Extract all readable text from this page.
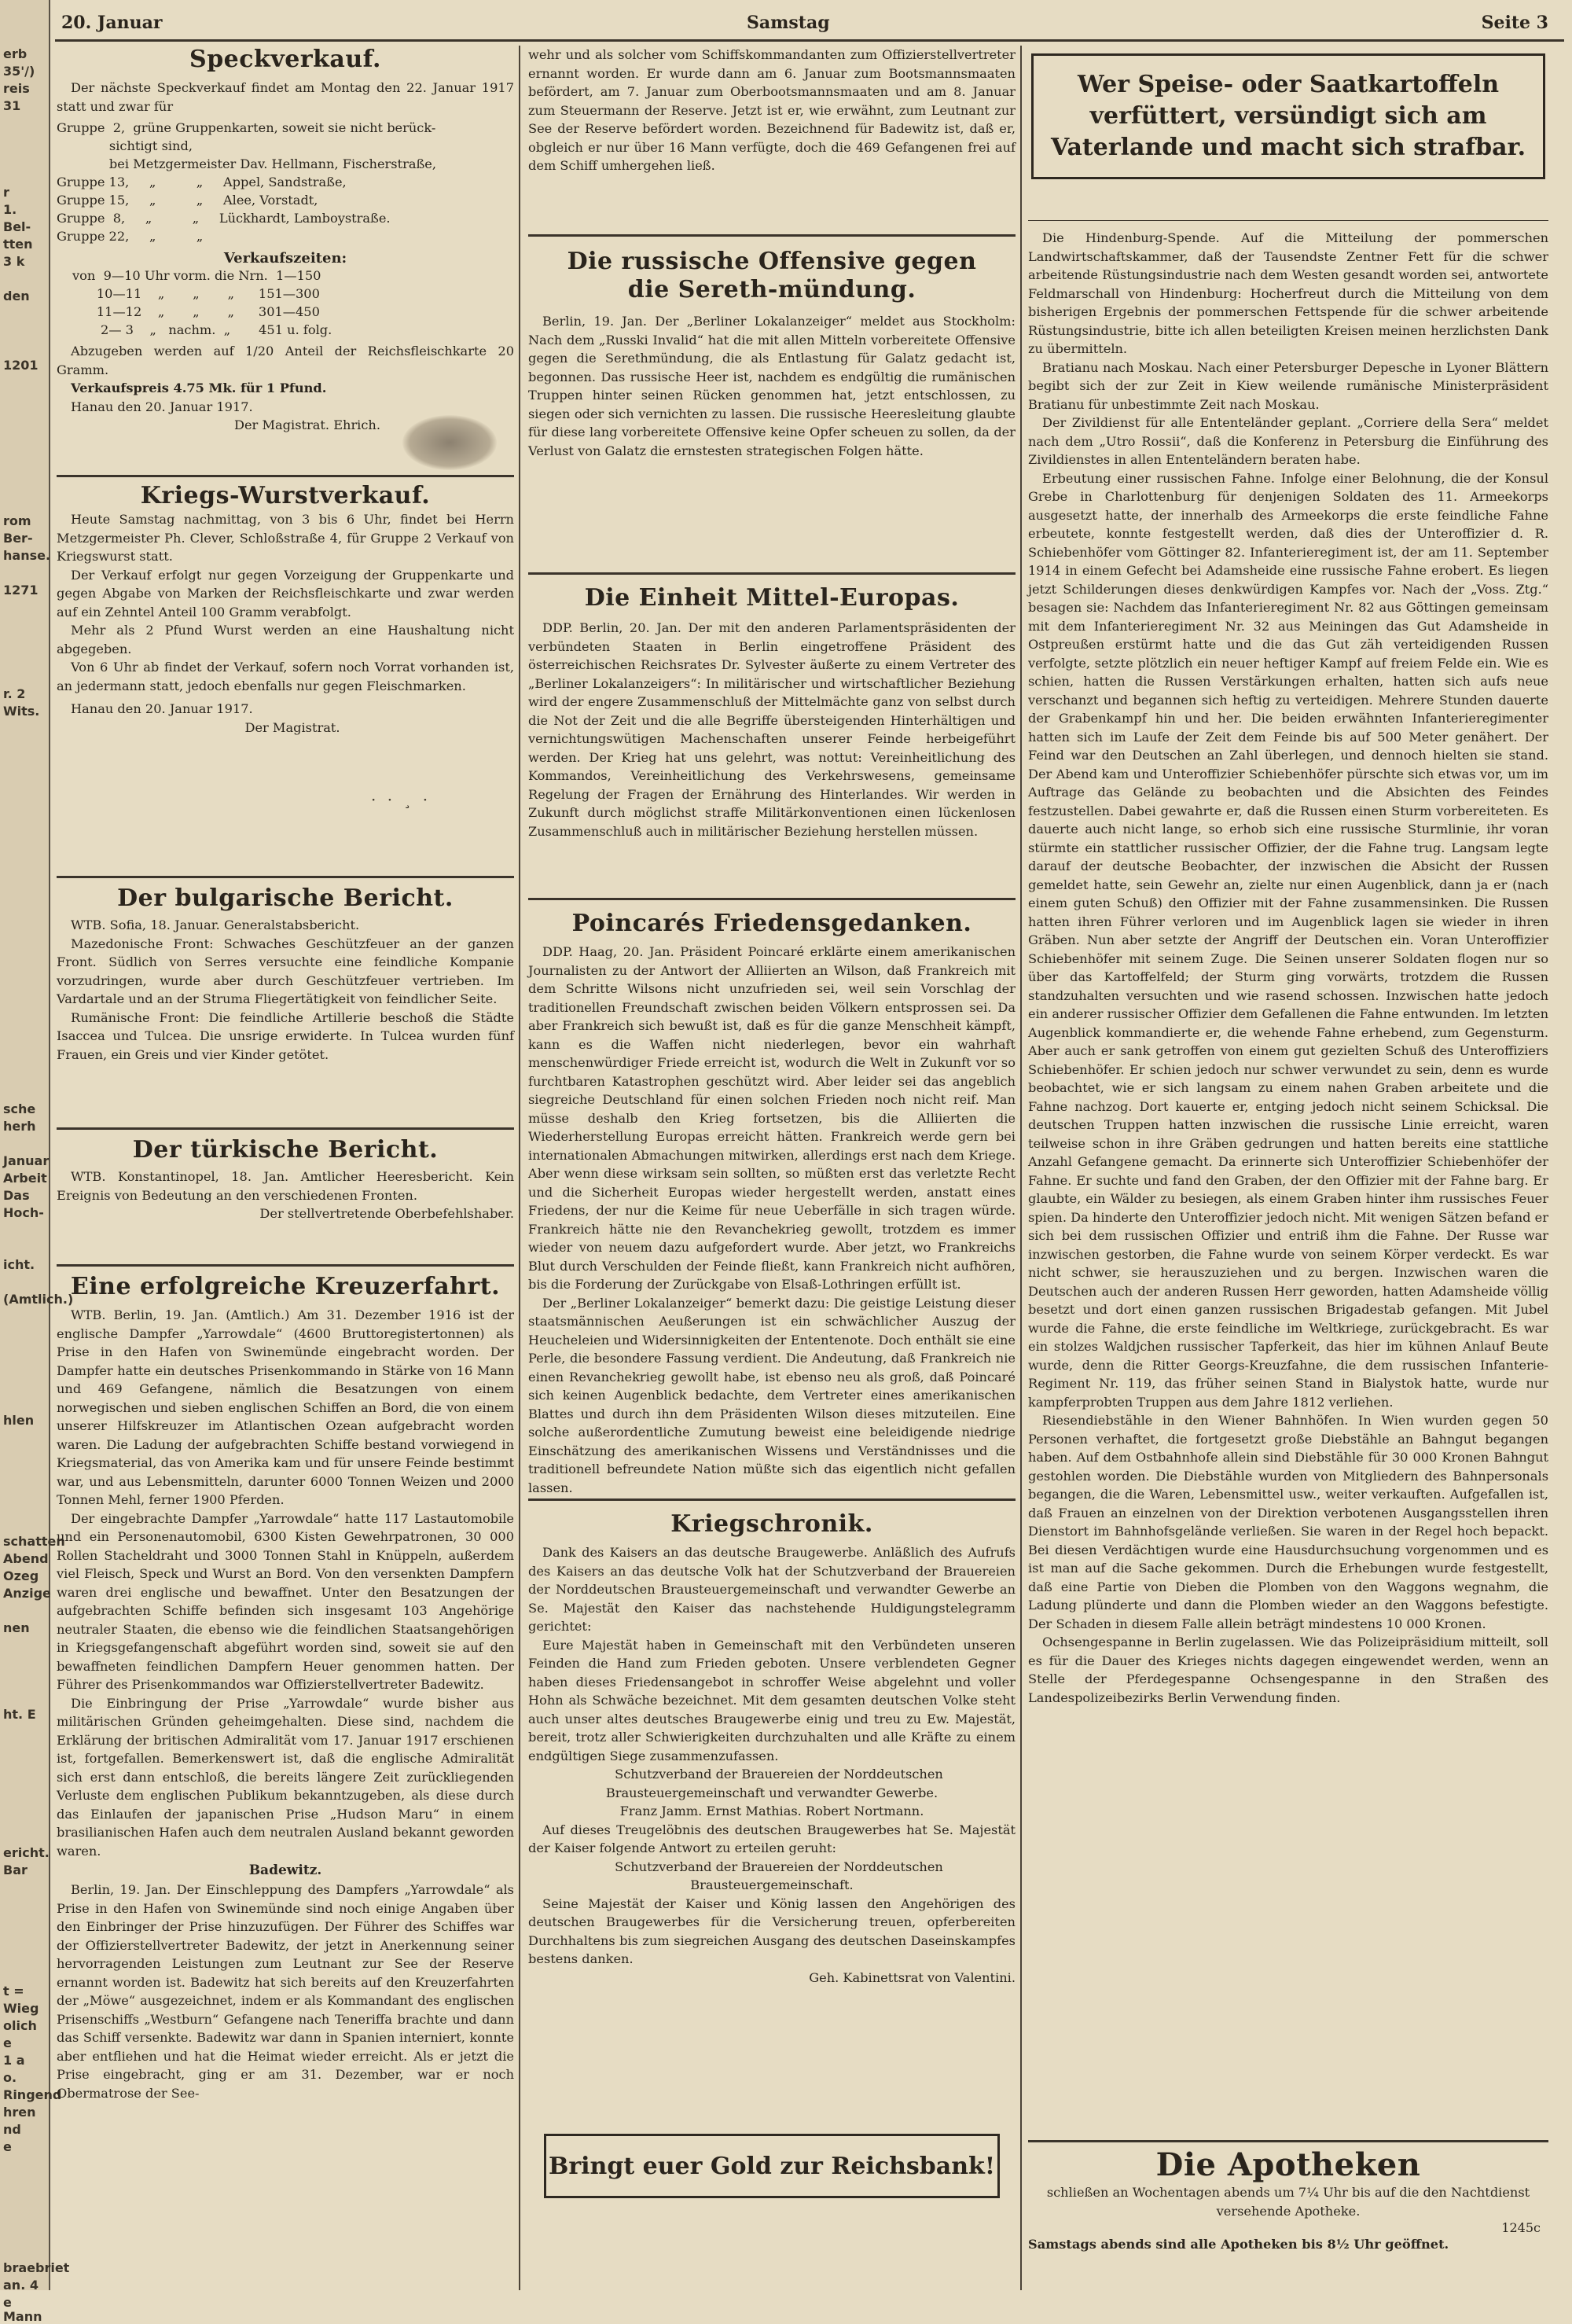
erb
35'/)
reis
31
r
1.
Bel-
tten
3 k
den
1201
rom
Ber-
hanse.
1271
r. 2
Wits.
sche
herh
Januar
Arbeit
Das
Hoch-
icht.
(Amtlich.)
hlen
schatten
Abend
Ozeg
Anzige
nen
ht. E
ericht.
Bar
t =
Wieg
olich
e
1 a
o.
Ringend
hren
nd
e
braebriet
an. 4
e Mann
20. Januar	Samstag	Seite 3
Speckverkauf.

Der nächste Speckverkauf findet am Montag den 22. Januar 1917 statt und zwar für

Gruppe  2,  grüne Gruppenkarten, soweit sie nicht berück-
sichtigt sind,
bei Metzgermeister Dav. Hellmann, Fischerstraße,
Gruppe 13,     „          „     Appel, Sandstraße,
Gruppe 15,     „          „     Alee, Vorstadt,
Gruppe  8,     „          „     Lückhardt, Lamboystraße.
Gruppe 22,     „          „
Verkaufszeiten:
von  9—10 Uhr vorm. die Nrn.  1—150
10—11    „       „       „      151—300
11—12    „       „       „      301—450
2— 3    „   nachm.  „       451 u. folg.

Abzugeben werden auf 1/20 Anteil der Reichsfleischkarte 20 Gramm.

Verkaufspreis 4.75 Mk. für 1 Pfund.

Hanau den 20. Januar 1917.

Der Magistrat. Ehrich.

Kriegs-Wurstverkauf.

Heute Samstag nachmittag, von 3 bis 6 Uhr, findet bei Herrn Metzgermeister Ph. Clever, Schloßstraße 4, für Gruppe 2 Verkauf von Kriegswurst statt.

Der Verkauf erfolgt nur gegen Vorzeigung der Gruppenkarte und gegen Abgabe von Marken der Reichsfleischkarte und zwar werden auf ein Zehntel Anteil 100 Gramm verabfolgt.

Mehr als 2 Pfund Wurst werden an eine Haushaltung nicht abgegeben.

Von 6 Uhr ab findet der Verkauf, sofern noch Vorrat vorhanden ist, an jedermann statt, jedoch ebenfalls nur gegen Fleischmarken.

Hanau den 20. Januar 1917.

Der Magistrat.

· · ¸ ·
Der bulgarische Bericht.

WTB. Sofia, 18. Januar. Generalstabsbericht.

Mazedonische Front: Schwaches Geschützfeuer an der ganzen Front. Südlich von Serres versuchte eine feindliche Kompanie vorzudringen, wurde aber durch Geschützfeuer vertrieben. Im Vardartale und an der Struma Fliegertätigkeit von feindlicher Seite.

Rumänische Front: Die feindliche Artillerie beschoß die Städte Isaccea und Tulcea. Die unsrige erwiderte. In Tulcea wurden fünf Frauen, ein Greis und vier Kinder getötet.

Der türkische Bericht.

WTB. Konstantinopel, 18. Jan. Amtlicher Heeresbericht. Kein Ereignis von Bedeutung an den verschiedenen Fronten.

Der stellvertretende Oberbefehlshaber.

Eine erfolgreiche Kreuzerfahrt.

WTB. Berlin, 19. Jan. (Amtlich.) Am 31. Dezember 1916 ist der englische Dampfer „Yarrowdale“ (4600 Bruttoregistertonnen) als Prise in den Hafen von Swinemünde eingebracht worden. Der Dampfer hatte ein deutsches Prisenkommando in Stärke von 16 Mann und 469 Gefangene, nämlich die Besatzungen von einem norwegischen und sieben englischen Schiffen an Bord, die von einem unserer Hilfskreuzer im Atlantischen Ozean aufgebracht worden waren. Die Ladung der aufgebrachten Schiffe bestand vorwiegend in Kriegsmaterial, das von Amerika kam und für unsere Feinde bestimmt war, und aus Lebensmitteln, darunter 6000 Tonnen Weizen und 2000 Tonnen Mehl, ferner 1900 Pferden.

Der eingebrachte Dampfer „Yarrowdale“ hatte 117 Lastautomobile und ein Personenautomobil, 6300 Kisten Gewehrpatronen, 30 000 Rollen Stacheldraht und 3000 Tonnen Stahl in Knüppeln, außerdem viel Fleisch, Speck und Wurst an Bord. Von den versenkten Dampfern waren drei englische und bewaffnet. Unter den Besatzungen der aufgebrachten Schiffe befinden sich insgesamt 103 Angehörige neutraler Staaten, die ebenso wie die feindlichen Staatsangehörigen in Kriegsgefangenschaft abgeführt worden sind, soweit sie auf den bewaffneten feindlichen Dampfern Heuer genommen hatten. Der Führer des Prisenkommandos war Offizierstellvertreter Badewitz.

Die Einbringung der Prise „Yarrowdale“ wurde bisher aus militärischen Gründen geheimgehalten. Diese sind, nachdem die Erklärung der britischen Admiralität vom 17. Januar 1917 erschienen ist, fortgefallen. Bemerkenswert ist, daß die englische Admiralität sich erst dann entschloß, die bereits längere Zeit zurückliegenden Verluste dem englischen Publikum bekanntzugeben, als diese durch das Einlaufen der japanischen Prise „Hudson Maru“ in einem brasilianischen Hafen auch dem neutralen Ausland bekannt geworden waren.

Badewitz.

Berlin, 19. Jan. Der Einschleppung des Dampfers „Yarrowdale“ als Prise in den Hafen von Swinemünde sind noch einige Angaben über den Einbringer der Prise hinzuzufügen. Der Führer des Schiffes war der Offizierstellvertreter Badewitz, der jetzt in Anerkennung seiner hervorragenden Leistungen zum Leutnant zur See der Reserve ernannt worden ist. Badewitz hat sich bereits auf den Kreuzerfahrten der „Möwe“ ausgezeichnet, indem er als Kommandant des englischen Prisenschiffs „Westburn“ Gefangene nach Teneriffa brachte und dann das Schiff versenkte. Badewitz war dann in Spanien interniert, konnte aber entfliehen und hat die Heimat wieder erreicht. Als er jetzt die Prise eingebracht, ging er am 31. Dezember, war er noch Obermatrose der See-

wehr und als solcher vom Schiffskommandanten zum Offizierstellvertreter ernannt worden. Er wurde dann am 6. Januar zum Bootsmannsmaaten befördert, am 7. Januar zum Oberbootsmannsmaaten und am 8. Januar zum Steuermann der Reserve. Jetzt ist er, wie erwähnt, zum Leutnant zur See der Reserve befördert worden. Bezeichnend für Badewitz ist, daß er, obgleich er nur über 16 Mann verfügte, doch die 469 Gefangenen frei auf dem Schiff umhergehen ließ.

Die russische Offensive gegen die Sereth-mündung.

Berlin, 19. Jan. Der „Berliner Lokalanzeiger“ meldet aus Stockholm: Nach dem „Russki Invalid“ hat die mit allen Mitteln vorbereitete Offensive gegen die Serethmündung, die als Entlastung für Galatz gedacht ist, begonnen. Das russische Heer ist, nachdem es endgültig die rumänischen Truppen hinter seinen Rücken genommen hat, jetzt entschlossen, zu siegen oder sich vernichten zu lassen. Die russische Heeresleitung glaubte für diese lang vorbereitete Offensive keine Opfer scheuen zu sollen, da der Verlust von Galatz die ernstesten strategischen Folgen hätte.

Die Einheit Mittel-Europas.

DDP. Berlin, 20. Jan. Der mit den anderen Parlamentspräsidenten der verbündeten Staaten in Berlin eingetroffene Präsident des österreichischen Reichsrates Dr. Sylvester äußerte zu einem Vertreter des „Berliner Lokalanzeigers“: In militärischer und wirtschaftlicher Beziehung wird der engere Zusammenschluß der Mittelmächte ganz von selbst durch die Not der Zeit und die alle Begriffe übersteigenden Hinterhältigen und vernichtungswütigen Machenschaften unserer Feinde herbeigeführt werden. Der Krieg hat uns gelehrt, was nottut: Vereinheitlichung des Kommandos, Vereinheitlichung des Verkehrswesens, gemeinsame Regelung der Fragen der Ernährung des Hinterlandes. Wir werden in Zukunft durch möglichst straffe Militärkonventionen einen lückenlosen Zusammenschluß auch in militärischer Beziehung herstellen müssen.

Poincarés Friedensgedanken.

DDP. Haag, 20. Jan. Präsident Poincaré erklärte einem amerikanischen Journalisten zu der Antwort der Alliierten an Wilson, daß Frankreich mit dem Schritte Wilsons nicht unzufrieden sei, weil sein Vorschlag der traditionellen Freundschaft zwischen beiden Völkern entsprossen sei. Da aber Frankreich sich bewußt ist, daß es für die ganze Menschheit kämpft, kann es die Waffen nicht niederlegen, bevor ein wahrhaft menschenwürdiger Friede erreicht ist, wodurch die Welt in Zukunft vor so furchtbaren Katastrophen geschützt wird. Aber leider sei das angeblich siegreiche Deutschland für einen solchen Frieden noch nicht reif. Man müsse deshalb den Krieg fortsetzen, bis die Alliierten die Wiederherstellung Europas erreicht hätten. Frankreich werde gern bei internationalen Abmachungen mitwirken, allerdings erst nach dem Kriege. Aber wenn diese wirksam sein sollten, so müßten erst das verletzte Recht und die Sicherheit Europas wieder hergestellt werden, anstatt eines Friedens, der nur die Keime für neue Ueberfälle in sich tragen würde. Frankreich hätte nie den Revanchekrieg gewollt, trotzdem es immer wieder von neuem dazu aufgefordert wurde. Aber jetzt, wo Frankreichs Blut durch Verschulden der Feinde fließt, kann Frankreich nicht aufhören, bis die Forderung der Zurückgabe von Elsaß-Lothringen erfüllt ist.

Der „Berliner Lokalanzeiger“ bemerkt dazu: Die geistige Leistung dieser staatsmännischen Aeußerungen ist ein schwächlicher Auszug der Heucheleien und Widersinnigkeiten der Ententenote. Doch enthält sie eine Perle, die besondere Fassung verdient. Die Andeutung, daß Frankreich nie einen Revanchekrieg gewollt habe, ist ebenso neu als groß, daß Poincaré sich keinen Augenblick bedachte, dem Vertreter eines amerikanischen Blattes und durch ihn dem Präsidenten Wilson dieses mitzuteilen. Eine solche außerordentliche Zumutung beweist eine beleidigende niedrige Einschätzung des amerikanischen Wissens und Verständnisses und die traditionell befreundete Nation müßte sich das eigentlich nicht gefallen lassen.

Kriegschronik.

Dank des Kaisers an das deutsche Braugewerbe. Anläßlich des Aufrufs des Kaisers an das deutsche Volk hat der Schutzverband der Brauereien der Norddeutschen Brausteuergemeinschaft und verwandter Gewerbe an Se. Majestät den Kaiser das nachstehende Huldigungstelegramm gerichtet:

Eure Majestät haben in Gemeinschaft mit den Verbündeten unseren Feinden die Hand zum Frieden geboten. Unsere verblendeten Gegner haben dieses Friedensangebot in schroffer Weise abgelehnt und voller Hohn als Schwäche bezeichnet. Mit dem gesamten deutschen Volke steht auch unser altes deutsches Braugewerbe einig und treu zu Ew. Majestät, bereit, trotz aller Schwierigkeiten durchzuhalten und alle Kräfte zu einem endgültigen Siege zusammenzufassen.

Schutzverband der Brauereien der Norddeutschen Brausteuergemeinschaft und verwandter Gewerbe.

Franz Jamm. Ernst Mathias. Robert Nortmann.

Auf dieses Treugelöbnis des deutschen Braugewerbes hat Se. Majestät der Kaiser folgende Antwort zu erteilen geruht:

Schutzverband der Brauereien der Norddeutschen Brausteuergemeinschaft.

Seine Majestät der Kaiser und König lassen den Angehörigen des deutschen Braugewerbes für die Versicherung treuen, opferbereiten Durchhaltens bis zum siegreichen Ausgang des deutschen Daseinskampfes bestens danken.

Geh. Kabinettsrat von Valentini.

Bringt euer Gold zur Reichsbank!
Wer Speise- oder Saatkartoffeln verfüttert, versündigt sich am Vaterlande und macht sich strafbar.

Die Hindenburg-Spende. Auf die Mitteilung der pommerschen Landwirtschaftskammer, daß der Tausendste Zentner Fett für die schwer arbeitende Rüstungsindustrie nach dem Westen gesandt worden sei, antwortete Feldmarschall von Hindenburg: Hocherfreut durch die Mitteilung von dem bisherigen Ergebnis der pommerschen Fettspende für die schwer arbeitende Rüstungsindustrie, bitte ich allen beteiligten Kreisen meinen herzlichsten Dank zu übermitteln.

Bratianu nach Moskau. Nach einer Petersburger Depesche in Lyoner Blättern begibt sich der zur Zeit in Kiew weilende rumänische Ministerpräsident Bratianu für unbestimmte Zeit nach Moskau.

Der Zivildienst für alle Ententeländer geplant. „Corriere della Sera“ meldet nach dem „Utro Rossii“, daß die Konferenz in Petersburg die Einführung des Zivildienstes in allen Ententeländern beraten habe.

Erbeutung einer russischen Fahne. Infolge einer Belohnung, die der Konsul Grebe in Charlottenburg für denjenigen Soldaten des 11. Armeekorps ausgesetzt hatte, der innerhalb des Armeekorps die erste feindliche Fahne erbeutete, konnte festgestellt werden, daß dies der Unteroffizier d. R. Schiebenhöfer vom Göttinger 82. Infanterieregiment ist, der am 11. September 1914 in einem Gefecht bei Adamsheide eine russische Fahne erobert. Es liegen jetzt Schilderungen dieses denkwürdigen Kampfes vor. Nach der „Voss. Ztg.“ besagen sie: Nachdem das Infanterieregiment Nr. 82 aus Göttingen gemeinsam mit dem Infanterieregiment Nr. 32 aus Meiningen das Gut Adamsheide in Ostpreußen erstürmt hatte und die das Gut zäh verteidigenden Russen verfolgte, setzte plötzlich ein neuer heftiger Kampf auf freiem Felde ein. Wie es schien, hatten die Russen Verstärkungen erhalten, hatten sich aufs neue verschanzt und begannen sich heftig zu verteidigen. Mehrere Stunden dauerte der Grabenkampf hin und her. Die beiden erwähnten Infanterieregimenter hatten sich im Laufe der Zeit dem Feinde bis auf 500 Meter genähert. Der Feind war den Deutschen an Zahl überlegen, und dennoch hielten sie stand. Der Abend kam und Unteroffizier Schiebenhöfer pürschte sich etwas vor, um im Auftrage das Gelände zu beobachten und die Absichten des Feindes festzustellen. Dabei gewahrte er, daß die Russen einen Sturm vorbereiteten. Es dauerte auch nicht lange, so erhob sich eine russische Sturmlinie, ihr voran stürmte ein stattlicher russischer Offizier, der die Fahne trug. Langsam legte darauf der deutsche Beobachter, der inzwischen die Absicht der Russen gemeldet hatte, sein Gewehr an, zielte nur einen Augenblick, dann ja er (nach einem guten Schuß) den Offizier mit der Fahne zusammensinken. Die Russen hatten ihren Führer verloren und im Augenblick lagen sie wieder in ihren Gräben. Nun aber setzte der Angriff der Deutschen ein. Voran Unteroffizier Schiebenhöfer mit seinem Zuge. Die Seinen unserer Soldaten flogen nur so über das Kartoffelfeld; der Sturm ging vorwärts, trotzdem die Russen standzuhalten versuchten und wie rasend schossen. Inzwischen hatte jedoch ein anderer russischer Offizier dem Gefallenen die Fahne entwunden. Im letzten Augenblick kommandierte er, die wehende Fahne erhebend, zum Gegensturm. Aber auch er sank getroffen von einem gut gezielten Schuß des Unteroffiziers Schiebenhöfer. Er schien jedoch nur schwer verwundet zu sein, denn es wurde beobachtet, wie er sich langsam zu einem nahen Graben arbeitete und die Fahne nachzog. Dort kauerte er, entging jedoch nicht seinem Schicksal. Die deutschen Truppen hatten inzwischen die russische Linie erreicht, waren teilweise schon in ihre Gräben gedrungen und hatten bereits eine stattliche Anzahl Gefangene gemacht. Da erinnerte sich Unteroffizier Schiebenhöfer der Fahne. Er suchte und fand den Graben, der den Offizier mit der Fahne barg. Er glaubte, ein Wälder zu besiegen, als einem Graben hinter ihm russisches Feuer spien. Da hinderte den Unteroffizier jedoch nicht. Mit wenigen Sätzen befand er sich bei dem russischen Offizier und entriß ihm die Fahne. Der Russe war inzwischen gestorben, die Fahne wurde von seinem Körper verdeckt. Es war nicht schwer, sie herauszuziehen und zu bergen. Inzwischen waren die Deutschen auch der anderen Russen Herr geworden, hatten Adamsheide völlig besetzt und dort einen ganzen russischen Brigadestab gefangen. Mit Jubel wurde die Fahne, die erste feindliche im Weltkriege, zurückgebracht. Es war ein stolzes Waldjchen russischer Tapferkeit, das hier im kühnen Anlauf Beute wurde, denn die Ritter Georgs-Kreuzfahne, die dem russischen Infanterie-Regiment Nr. 119, das früher seinen Stand in Bialystok hatte, wurde nur kampferprobten Truppen aus dem Jahre 1812 verliehen.

Riesendiebstähle in den Wiener Bahnhöfen. In Wien wurden gegen 50 Personen verhaftet, die fortgesetzt große Diebstähle an Bahngut begangen haben. Auf dem Ostbahnhofe allein sind Diebstähle für 30 000 Kronen Bahngut gestohlen worden. Die Diebstähle wurden von Mitgliedern des Bahnpersonals begangen, die die Waren, Lebensmittel usw., weiter verkauften. Aufgefallen ist, daß Frauen an einzelnen von der Direktion verbotenen Ausgangsstellen ihren Dienstort im Bahnhofsgelände verließen. Sie waren in der Regel hoch bepackt. Bei diesen Verdächtigen wurde eine Hausdurchsuchung vorgenommen und es ist man auf die Sache gekommen. Durch die Erhebungen wurde festgestellt, daß eine Partie von Dieben die Plomben von den Waggons wegnahm, die Ladung plünderte und dann die Plomben wieder an den Waggons befestigte. Der Schaden in diesem Falle allein beträgt mindestens 10 000 Kronen.

Ochsengespanne in Berlin zugelassen. Wie das Polizeipräsidium mitteilt, soll es für die Dauer des Krieges nichts dagegen eingewendet werden, wenn an Stelle der Pferdegespanne Ochsengespanne in den Straßen des Landespolizeibezirks Berlin Verwendung finden.

Die Apotheken

schließen an Wochentagen abends um 7¼ Uhr bis auf die den Nachtdienst versehende Apotheke.

1245c

Samstags abends sind alle Apotheken bis 8½ Uhr geöffnet.
